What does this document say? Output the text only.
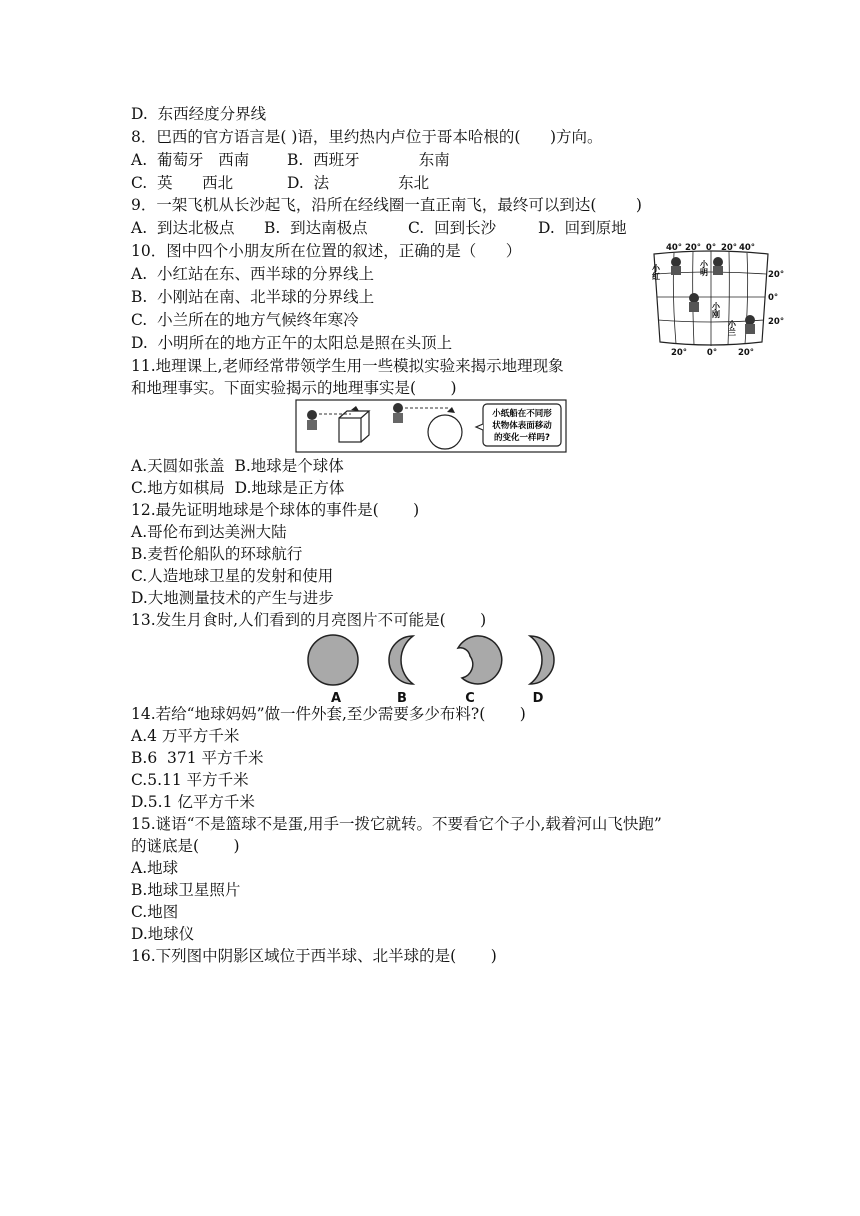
D.  东西经度分界线
8．巴西的官方语言是( )语，里约热内卢位于哥本哈根的(      )方向。
A.  葡萄牙   西南 B.  西班牙            东南
C.  英      西北	D.  法              东北
9．一架飞机从长沙起飞，沿所在经线圈一直正南飞，最终可以到达(        )
A.  到达北极点 B.  到达南极点	C.  回到长沙	D.  回到原地
10．图中四个小朋友所在位置的叙述，正确的是（      ）
A.  小红站在东、西半球的分界线上
B.  小刚站在南、北半球的分界线上
C.  小兰所在的地方气候终年寒冷
D.  小明所在的地方正午的太阳总是照在头顶上
40° 20° 0° 20° 40°
20°
0°
20°
20° 0° 20°
小红	小明
小刚
小兰
11.地理课上,老师经常带领学生用一些模拟实验来揭示地理现象
和地理事实。下面实验揭示的地理事实是(       )
小纸船在不同形
状物体表面移动
的变化一样吗?
A.天圆如张盖  B.地球是个球体
C.地方如棋局  D.地球是正方体
12.最先证明地球是个球体的事件是(       )
A.哥伦布到达美洲大陆
B.麦哲伦船队的环球航行
C.人造地球卫星的发射和使用
D.大地测量技术的产生与进步
13.发生月食时,人们看到的月亮图片不可能是(       )
A	B	C	D
14.若给“地球妈妈”做一件外套,至少需要多少布料?(       )
A.4 万平方千米
B.6  371 平方千米
C.5.11 平方千米
D.5.1 亿平方千米
15.谜语“不是篮球不是蛋,用手一拨它就转。不要看它个子小,载着河山飞快跑”
的谜底是(       )
A.地球
B.地球卫星照片
C.地图
D.地球仪
16.下列图中阴影区域位于西半球、北半球的是(       )
